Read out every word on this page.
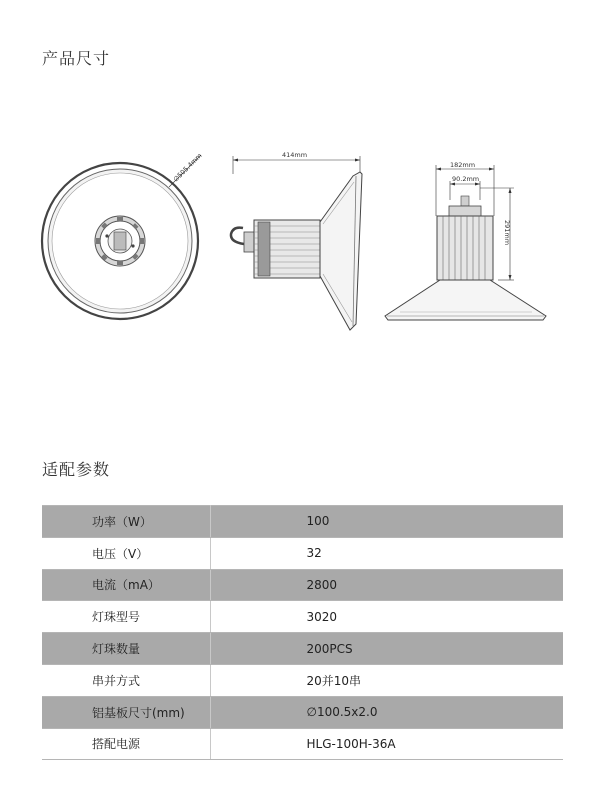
产品尺寸
∅505.4mm	414mm
182mm
90.2mm
291mm
适配参数
功率（W）	100
电压（V）	32
电流（mA）	2800
灯珠型号	3020
灯珠数量	200PCS
串并方式	20并10串
铝基板尺寸(mm)	∅100.5x2.0
搭配电源	HLG-100H-36A
